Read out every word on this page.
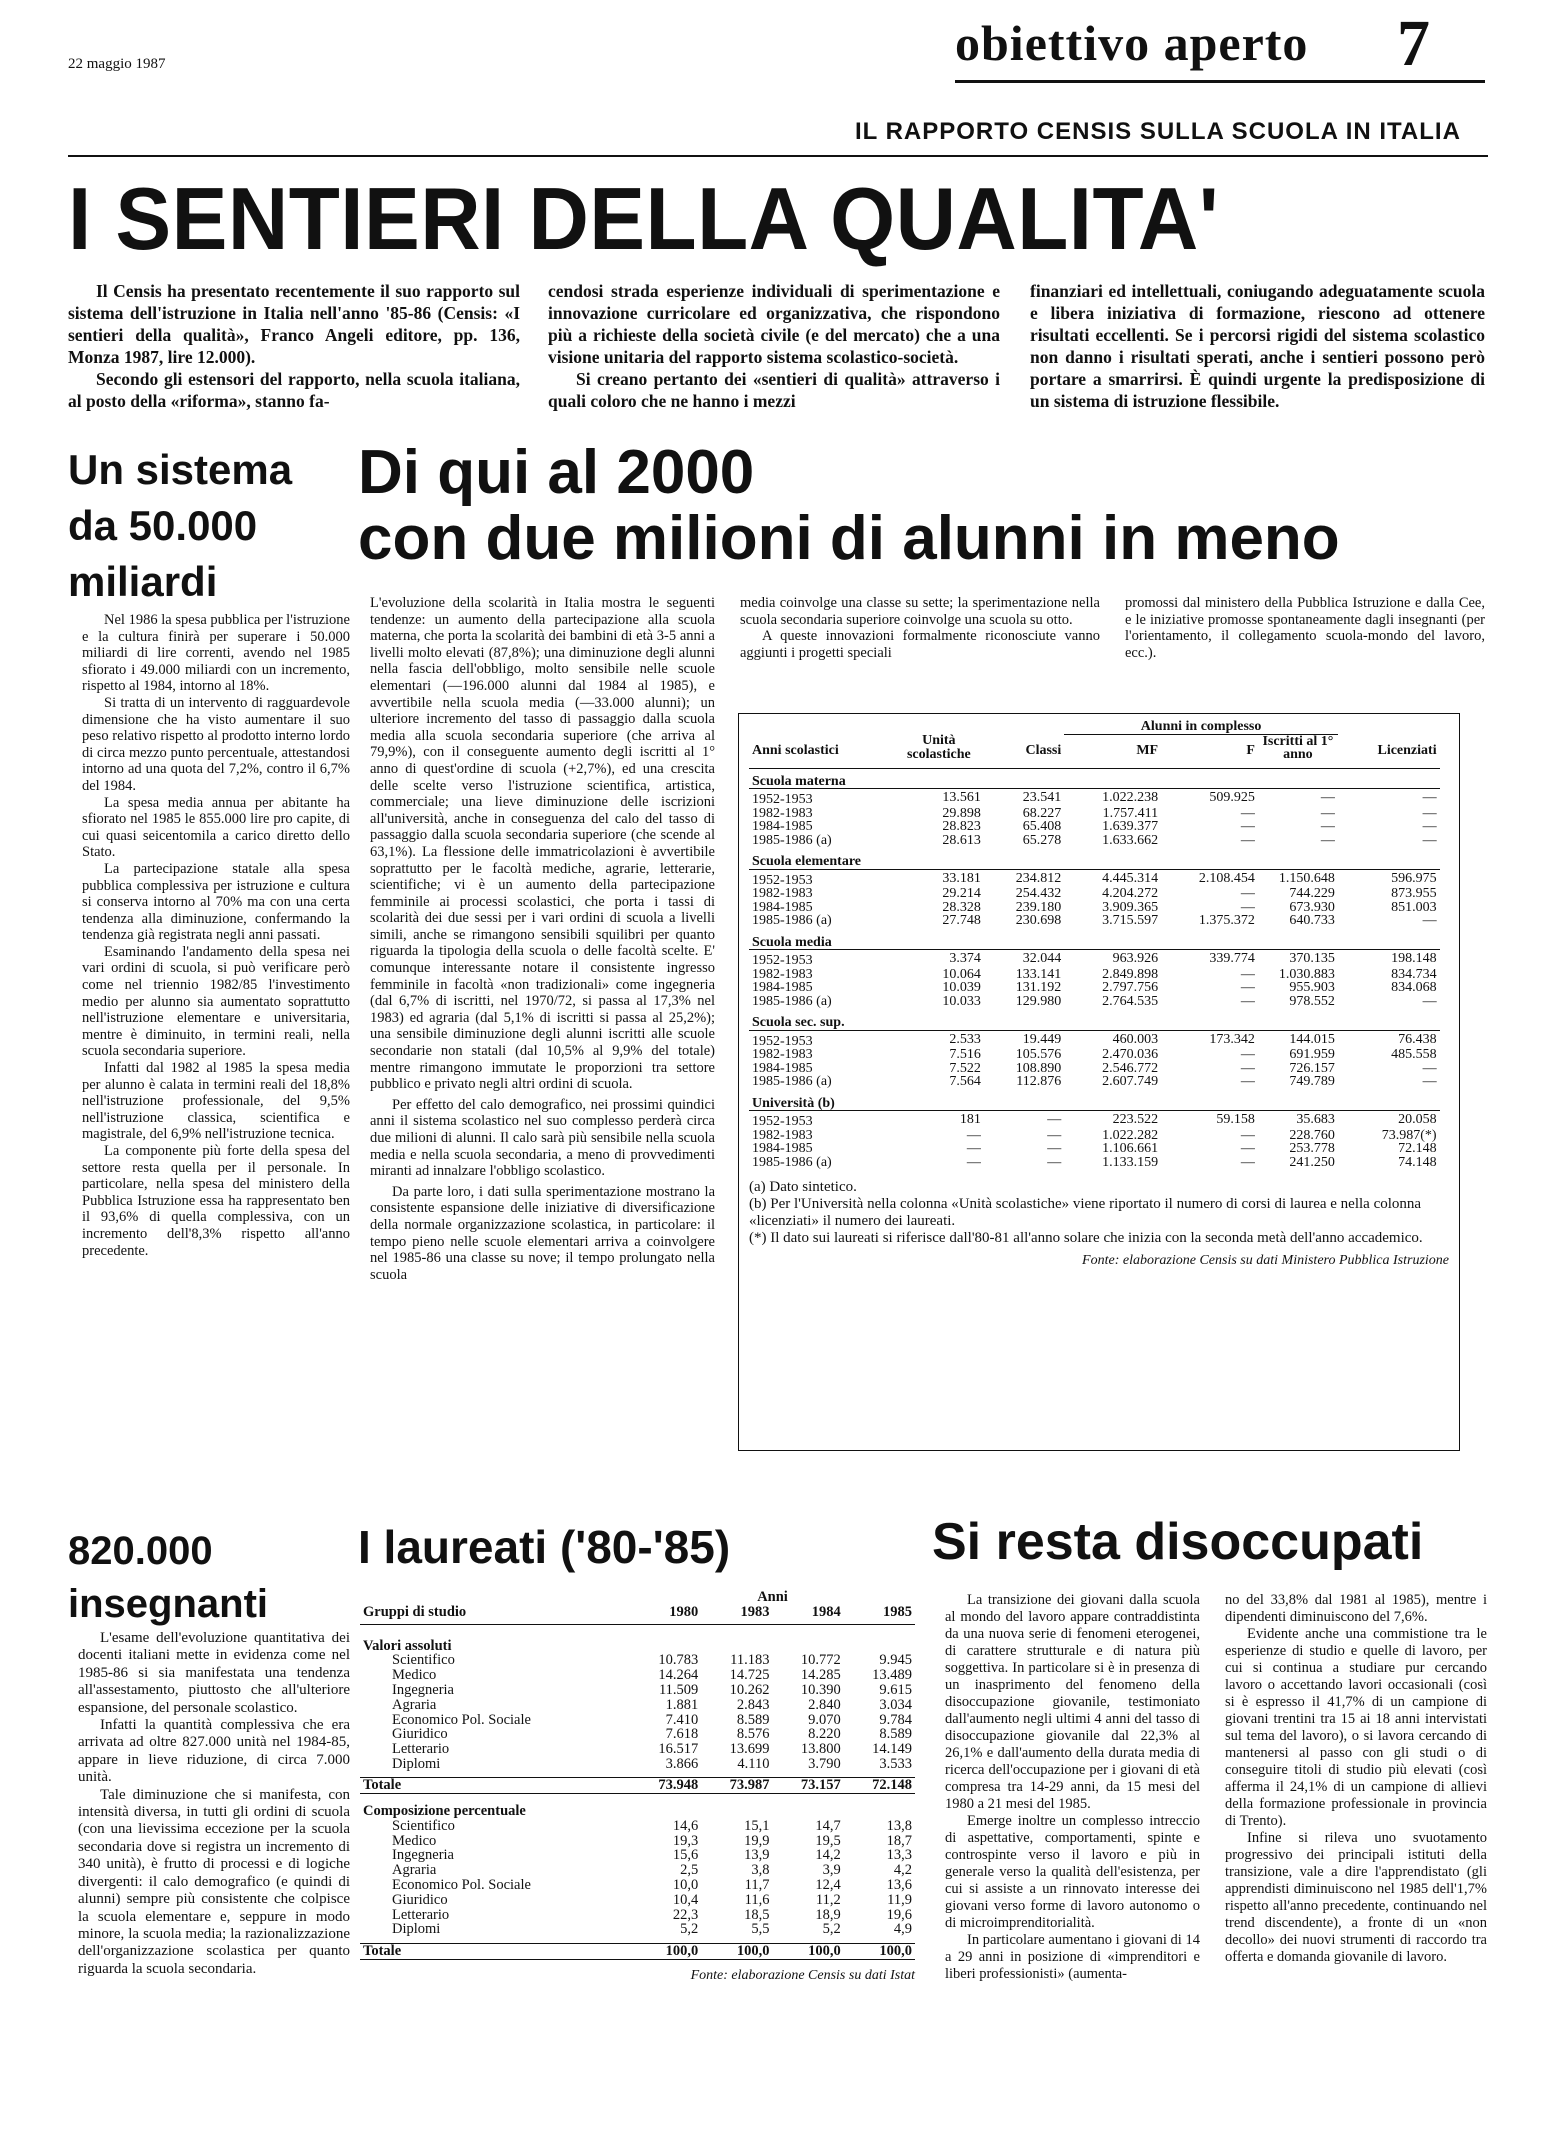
22 maggio 1987	obiettivo aperto 7
IL RAPPORTO CENSIS SULLA SCUOLA IN ITALIA
I SENTIERI DELLA QUALITA'

Il Censis ha presentato recentemente il suo rapporto sul sistema dell'istruzione in Italia nell'anno '85-86 (Censis: «I sentieri della qualità», Franco Angeli editore, pp. 136, Monza 1987, lire 12.000).

Secondo gli estensori del rapporto, nella scuola italiana, al posto della «riforma», stanno fa-

cendosi strada esperienze individuali di sperimentazione e innovazione curricolare ed organizzativa, che rispondono più a richieste della società civile (e del mercato) che a una visione unitaria del rapporto sistema scolastico-società.

Si creano pertanto dei «sentieri di qualità» attraverso i quali coloro che ne hanno i mezzi

finanziari ed intellettuali, coniugando adeguatamente scuola e libera iniziativa di formazione, riescono ad ottenere risultati eccellenti. Se i percorsi rigidi del sistema scolastico non danno i risultati sperati, anche i sentieri possono però portare a smarrirsi. È quindi urgente la predisposizione di un sistema di istruzione flessibile.

Un sistema
da 50.000
miliardi

Nel 1986 la spesa pubblica per l'istruzione e la cultura finirà per superare i 50.000 miliardi di lire correnti, avendo nel 1985 sfiorato i 49.000 miliardi con un incremento, rispetto al 1984, intorno al 18%.

Si tratta di un intervento di ragguardevole dimensione che ha visto aumentare il suo peso relativo rispetto al prodotto interno lordo di circa mezzo punto percentuale, attestandosi intorno ad una quota del 7,2%, contro il 6,7% del 1984.

La spesa media annua per abitante ha sfiorato nel 1985 le 855.000 lire pro capite, di cui quasi seicentomila a carico diretto dello Stato.

La partecipazione statale alla spesa pubblica complessiva per istruzione e cultura si conserva intorno al 70% ma con una certa tendenza alla diminuzione, confermando la tendenza già registrata negli anni passati.

Esaminando l'andamento della spesa nei vari ordini di scuola, si può verificare però come nel triennio 1982/85 l'investimento medio per alunno sia aumentato soprattutto nell'istruzione elementare e universitaria, mentre è diminuito, in termini reali, nella scuola secondaria superiore.

Infatti dal 1982 al 1985 la spesa media per alunno è calata in termini reali del 18,8% nell'istruzione professionale, del 9,5% nell'istruzione classica, scientifica e magistrale, del 6,9% nell'istruzione tecnica.

La componente più forte della spesa del settore resta quella per il personale. In particolare, nella spesa del ministero della Pubblica Istruzione essa ha rappresentato ben il 93,6% di quella complessiva, con un incremento dell'8,3% rispetto all'anno precedente.

Di qui al 2000
con due milioni di alunni in meno

L'evoluzione della scolarità in Italia mostra le seguenti tendenze: un aumento della partecipazione alla scuola materna, che porta la scolarità dei bambini di età 3-5 anni a livelli molto elevati (87,8%); una diminuzione degli alunni nella fascia dell'obbligo, molto sensibile nelle scuole elementari (—196.000 alunni dal 1984 al 1985), e avvertibile nella scuola media (—33.000 alunni); un ulteriore incremento del tasso di passaggio dalla scuola media alla scuola secondaria superiore (che arriva al 79,9%), con il conseguente aumento degli iscritti al 1° anno di quest'ordine di scuola (+2,7%), ed una crescita delle scelte verso l'istruzione scientifica, artistica, commerciale; una lieve diminuzione delle iscrizioni all'università, anche in conseguenza del calo del tasso di passaggio dalla scuola secondaria superiore (che scende al 63,1%). La flessione delle immatricolazioni è avvertibile soprattutto per le facoltà mediche, agrarie, letterarie, scientifiche; vi è un aumento della partecipazione femminile ai processi scolastici, che porta i tassi di scolarità dei due sessi per i vari ordini di scuola a livelli simili, anche se rimangono sensibili squilibri per quanto riguarda la tipologia della scuola o delle facoltà scelte. E' comunque interessante notare il consistente ingresso femminile in facoltà «non tradizionali» come ingegneria (dal 6,7% di iscritti, nel 1970/72, si passa al 17,3% nel 1983) ed agraria (dal 5,1% di iscritti si passa al 25,2%); una sensibile diminuzione degli alunni iscritti alle scuole secondarie non statali (dal 10,5% al 9,9% del totale) mentre rimangono immutate le proporzioni tra settore pubblico e privato negli altri ordini di scuola.

Per effetto del calo demografico, nei prossimi quindici anni il sistema scolastico nel suo complesso perderà circa due milioni di alunni. Il calo sarà più sensibile nella scuola media e nella scuola secondaria, a meno di provvedimenti miranti ad innalzare l'obbligo scolastico.

Da parte loro, i dati sulla sperimentazione mostrano la consistente espansione delle iniziative di diversificazione della normale organizzazione scolastica, in particolare: il tempo pieno nelle scuole elementari arriva a coinvolgere nel 1985-86 una classe su nove; il tempo prolungato nella scuola

media coinvolge una classe su sette; la sperimentazione nella scuola secondaria superiore coinvolge una scuola su otto.

A queste innovazioni formalmente riconosciute vanno aggiunti i progetti speciali

promossi dal ministero della Pubblica Istruzione e dalla Cee, e le iniziative promosse spontaneamente dagli insegnanti (per l'orientamento, il collegamento scuola-mondo del lavoro, ecc.).

			Alunni in complesso				
Anni scolastici	Unità scolastiche	Classi	MF	F	Iscritti al 1° anno	Licenziati	

Scuola materna							
1952-1953	13.561	23.541	1.022.238	509.925	—	—	
1982-1983	29.898	68.227	1.757.411	—	—	—	
1984-1985	28.823	65.408	1.639.377	—	—	—	
1985-1986 (a)	28.613	65.278	1.633.662	—	—	—	
Scuola elementare							
1952-1953	33.181	234.812	4.445.314	2.108.454	1.150.648	596.975	
1982-1983	29.214	254.432	4.204.272	—	744.229	873.955	
1984-1985	28.328	239.180	3.909.365	—	673.930	851.003	
1985-1986 (a)	27.748	230.698	3.715.597	1.375.372	640.733	—	
Scuola media							
1952-1953	3.374	32.044	963.926	339.774	370.135	198.148	
1982-1983	10.064	133.141	2.849.898	—	1.030.883	834.734	
1984-1985	10.039	131.192	2.797.756	—	955.903	834.068	
1985-1986 (a)	10.033	129.980	2.764.535	—	978.552	—	
Scuola sec. sup.							
1952-1953	2.533	19.449	460.003	173.342	144.015	76.438	
1982-1983	7.516	105.576	2.470.036	—	691.959	485.558	
1984-1985	7.522	108.890	2.546.772	—	726.157	—	
1985-1986 (a)	7.564	112.876	2.607.749	—	749.789	—	
Università (b)							
1952-1953	181	—	223.522	59.158	35.683	20.058	
1982-1983	—	—	1.022.282	—	228.760	73.987(*)	
1984-1985	—	—	1.106.661	—	253.778	72.148	
1985-1986 (a)	—	—	1.133.159	—	241.250	74.148	
(a) Dato sintetico.
(b) Per l'Università nella colonna «Unità scolastiche» viene riportato il numero di corsi di laurea e nella colonna «licenziati» il numero dei laureati.
(*) Il dato sui laureati si riferisce dall'80-81 all'anno solare che inizia con la seconda metà dell'anno accademico.
Fonte: elaborazione Censis su dati Ministero Pubblica Istruzione
820.000
insegnanti

L'esame dell'evoluzione quantitativa dei docenti italiani mette in evidenza come nel 1985-86 si sia manifestata una tendenza all'assestamento, piuttosto che all'ulteriore espansione, del personale scolastico.

Infatti la quantità complessiva che era arrivata ad oltre 827.000 unità nel 1984-85, appare in lieve riduzione, di circa 7.000 unità.

Tale diminuzione che si manifesta, con intensità diversa, in tutti gli ordini di scuola (con una lievissima eccezione per la scuola secondaria dove si registra un incremento di 340 unità), è frutto di processi e di logiche divergenti: il calo demografico (e quindi di alunni) sempre più consistente che colpisce la scuola elementare e, seppure in modo minore, la scuola media; la razionalizzazione dell'organizzazione scolastica per quanto riguarda la scuola secondaria.

I laureati ('80-'85)
	Anni			
Gruppi di studio	1980	1983	1984	1985

Valori assoluti				
Scientifico	10.783	11.183	10.772	9.945
Medico	14.264	14.725	14.285	13.489
Ingegneria	11.509	10.262	10.390	9.615
Agraria	1.881	2.843	2.840	3.034
Economico Pol. Sociale	7.410	8.589	9.070	9.784
Giuridico	7.618	8.576	8.220	8.589
Letterario	16.517	13.699	13.800	14.149
Diplomi	3.866	4.110	3.790	3.533

Totale	73.948	73.987	73.157	72.148
Composizione percentuale				
Scientifico	14,6	15,1	14,7	13,8
Medico	19,3	19,9	19,5	18,7
Ingegneria	15,6	13,9	14,2	13,3
Agraria	2,5	3,8	3,9	4,2
Economico Pol. Sociale	10,0	11,7	12,4	13,6
Giuridico	10,4	11,6	11,2	11,9
Letterario	22,3	18,5	18,9	19,6
Diplomi	5,2	5,5	5,2	4,9

Totale	100,0	100,0	100,0	100,0
Fonte: elaborazione Censis su dati Istat
Si resta disoccupati

La transizione dei giovani dalla scuola al mondo del lavoro appare contraddistinta da una nuova serie di fenomeni eterogenei, di carattere strutturale e di natura più soggettiva. In particolare si è in presenza di un inasprimento del fenomeno della disoccupazione giovanile, testimoniato dall'aumento negli ultimi 4 anni del tasso di disoccupazione giovanile dal 22,3% al 26,1% e dall'aumento della durata media di ricerca dell'occupazione per i giovani di età compresa tra 14-29 anni, da 15 mesi del 1980 a 21 mesi del 1985.

Emerge inoltre un complesso intreccio di aspettative, comportamenti, spinte e controspinte verso il lavoro e più in generale verso la qualità dell'esistenza, per cui si assiste a un rinnovato interesse dei giovani verso forme di lavoro autonomo o di microimprenditorialità.

In particolare aumentano i giovani di 14 a 29 anni in posizione di «imprenditori e liberi professionisti» (aumenta-

no del 33,8% dal 1981 al 1985), mentre i dipendenti diminuiscono del 7,6%.

Evidente anche una commistione tra le esperienze di studio e quelle di lavoro, per cui si continua a studiare pur cercando lavoro o accettando lavori occasionali (così si è espresso il 41,7% di un campione di giovani trentini tra 15 ai 18 anni intervistati sul tema del lavoro), o si lavora cercando di mantenersi al passo con gli studi o di conseguire titoli di studio più elevati (così afferma il 24,1% di un campione di allievi della formazione professionale in provincia di Trento).

Infine si rileva uno svuotamento progressivo dei principali istituti della transizione, vale a dire l'apprendistato (gli apprendisti diminuiscono nel 1985 dell'1,7% rispetto all'anno precedente, continuando nel trend discendente), a fronte di un «non decollo» dei nuovi strumenti di raccordo tra offerta e domanda giovanile di lavoro.
